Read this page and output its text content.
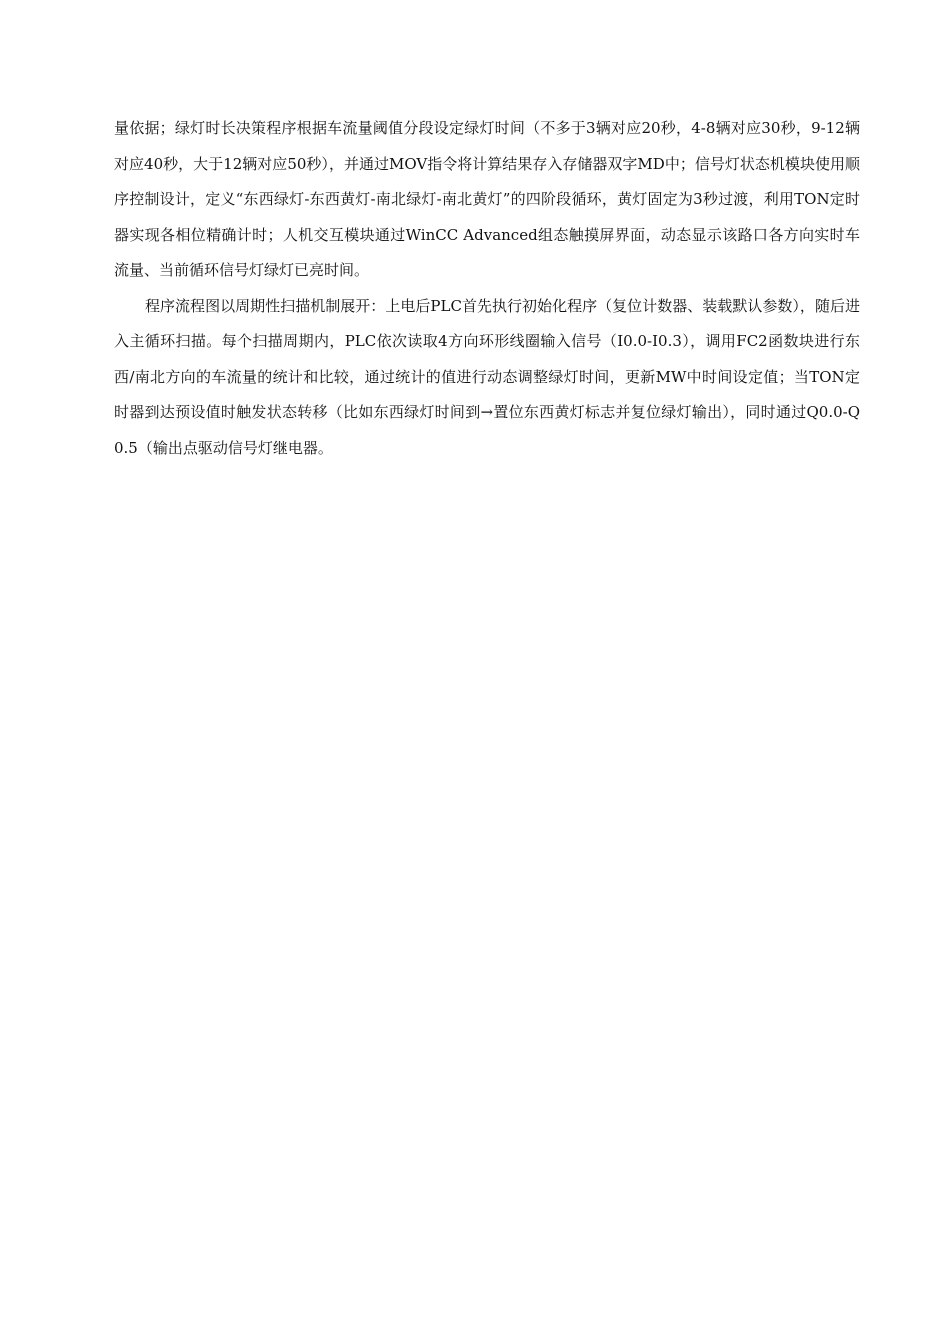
量依据；绿灯时长决策程序根据车流量阈值分段设定绿灯时间（不多于3辆对应20秒，4-8辆对应30秒，9-12辆对应40秒，大于12辆对应50秒），并通过MOV指令将计算结果存入存储器双字MD中；信号灯状态机模块使用顺序控制设计，定义“东西绿灯-东西黄灯-南北绿灯-南北黄灯”的四阶段循环，黄灯固定为3秒过渡，利用TON定时器实现各相位精确计时；人机交互模块通过WinCC Advanced组态触摸屏界面，动态显示该路口各方向实时车流量、当前循环信号灯绿灯已亮时间。

程序流程图以周期性扫描机制展开：上电后PLC首先执行初始化程序（复位计数器、装载默认参数），随后进入主循环扫描。每个扫描周期内，PLC依次读取4方向环形线圈输入信号（I0.0-I0.3），调用FC2函数块进行东西/南北方向的车流量的统计和比较，通过统计的值进行动态调整绿灯时间，更新MW中时间设定值；当TON定时器到达预设值时触发状态转移（比如东西绿灯时间到→置位东西黄灯标志并复位绿灯输出），同时通过Q0.0-Q0.5（输出点驱动信号灯继电器。
